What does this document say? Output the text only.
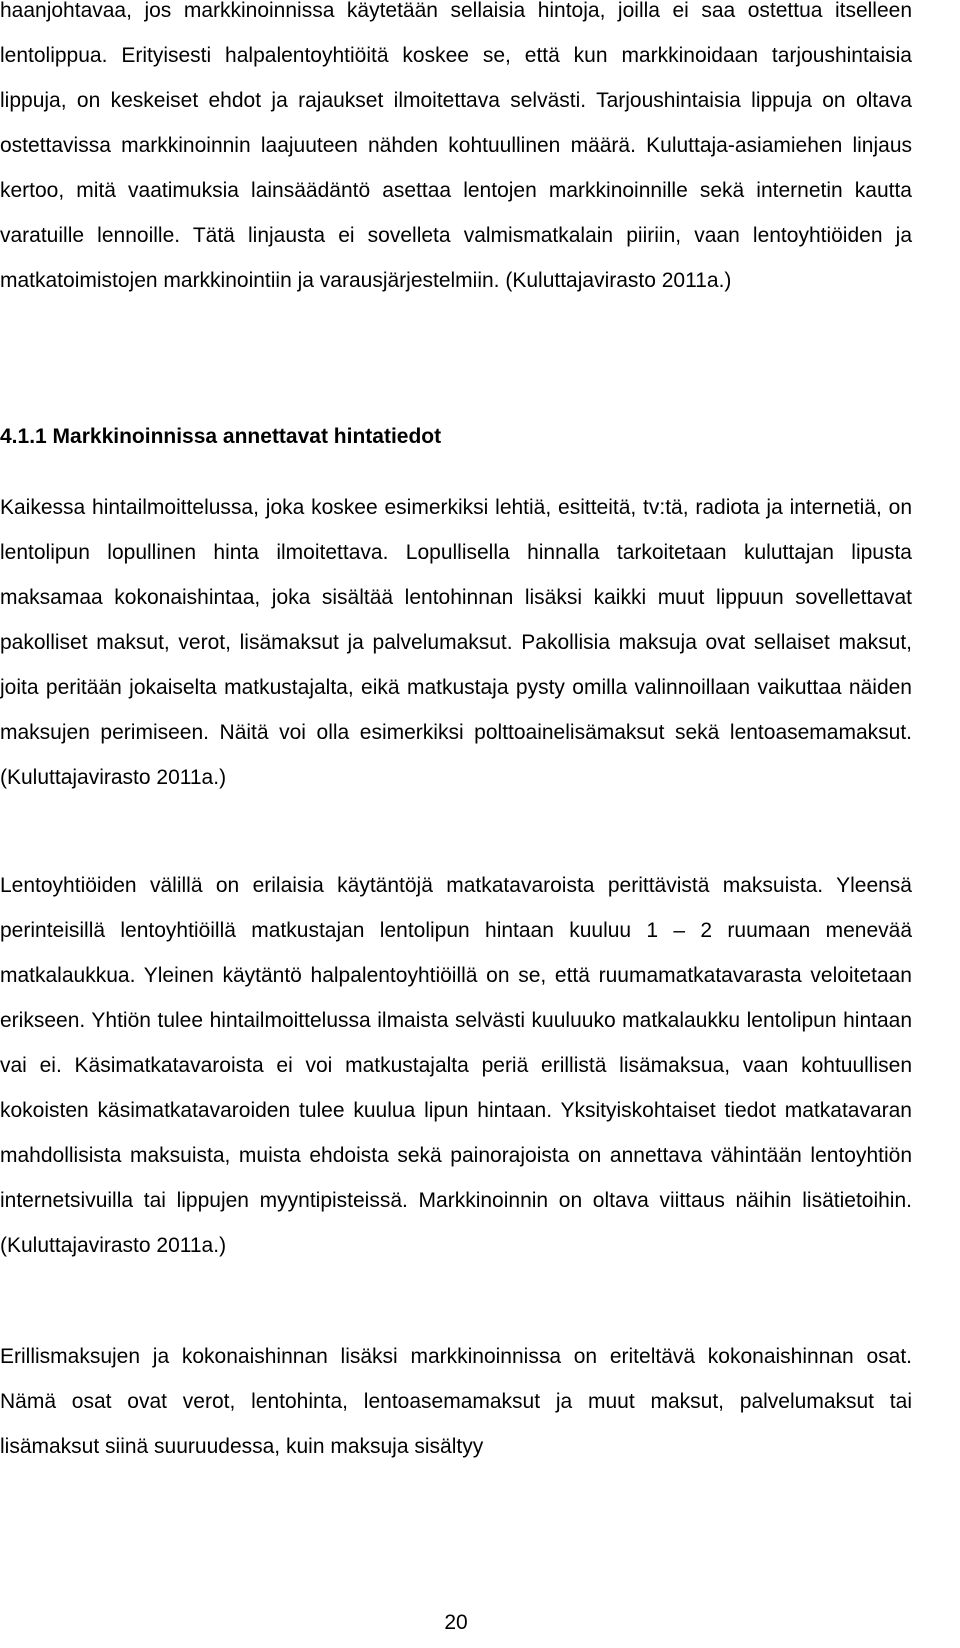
haanjohtavaa, jos markkinoinnissa käytetään sellaisia hintoja, joilla ei saa ostettua itselleen lentolippua. Erityisesti halpalentoyhtiöitä koskee se, että kun markkinoidaan tarjoushintaisia lippuja, on keskeiset ehdot ja rajaukset ilmoitettava selvästi. Tarjoushintaisia lippuja on oltava ostettavissa markkinoinnin laajuuteen nähden kohtuullinen määrä. Kuluttaja-asiamiehen linjaus kertoo, mitä vaatimuksia lainsäädäntö asettaa lentojen markkinoinnille sekä internetin kautta varatuille lennoille. Tätä linjausta ei sovelleta valmismatkalain piiriin, vaan lentoyhtiöiden ja matkatoimistojen markkinointiin ja varausjärjestelmiin. (Kuluttajavirasto 2011a.)

4.1.1 Markkinoinnissa annettavat hintatiedot

Kaikessa hintailmoittelussa, joka koskee esimerkiksi lehtiä, esitteitä, tv:tä, radiota ja internetiä, on lentolipun lopullinen hinta ilmoitettava. Lopullisella hinnalla tarkoitetaan kuluttajan lipusta maksamaa kokonaishintaa, joka sisältää lentohinnan lisäksi kaikki muut lippuun sovellettavat pakolliset maksut, verot, lisämaksut ja palvelumaksut. Pakollisia maksuja ovat sellaiset maksut, joita peritään jokaiselta matkustajalta, eikä matkustaja pysty omilla valinnoillaan vaikuttaa näiden maksujen perimiseen. Näitä voi olla esimerkiksi polttoainelisämaksut sekä lentoasemamaksut. (Kuluttajavirasto 2011a.)

Lentoyhtiöiden välillä on erilaisia käytäntöjä matkatavaroista perittävistä maksuista. Yleensä perinteisillä lentoyhtiöillä matkustajan lentolipun hintaan kuuluu 1 – 2 ruumaan menevää matkalaukkua. Yleinen käytäntö halpalentoyhtiöillä on se, että ruumamatkatavarasta veloitetaan erikseen. Yhtiön tulee hintailmoittelussa ilmaista selvästi kuuluuko matkalaukku lentolipun hintaan vai ei. Käsimatkatavaroista ei voi matkustajalta periä erillistä lisämaksua, vaan kohtuullisen kokoisten käsimatkatavaroiden tulee kuulua lipun hintaan. Yksityiskohtaiset tiedot matkatavaran mahdollisista maksuista, muista ehdoista sekä painorajoista on annettava vähintään lentoyhtiön internetsivuilla tai lippujen myyntipisteissä. Markkinoinnin on oltava viittaus näihin lisätietoihin. (Kuluttajavirasto 2011a.)

Erillismaksujen ja kokonaishinnan lisäksi markkinoinnissa on eriteltävä kokonaishinnan osat. Nämä osat ovat verot, lentohinta, lentoasemamaksut ja muut maksut, palvelumaksut tai lisämaksut siinä suuruudessa, kuin maksuja sisältyy

20
